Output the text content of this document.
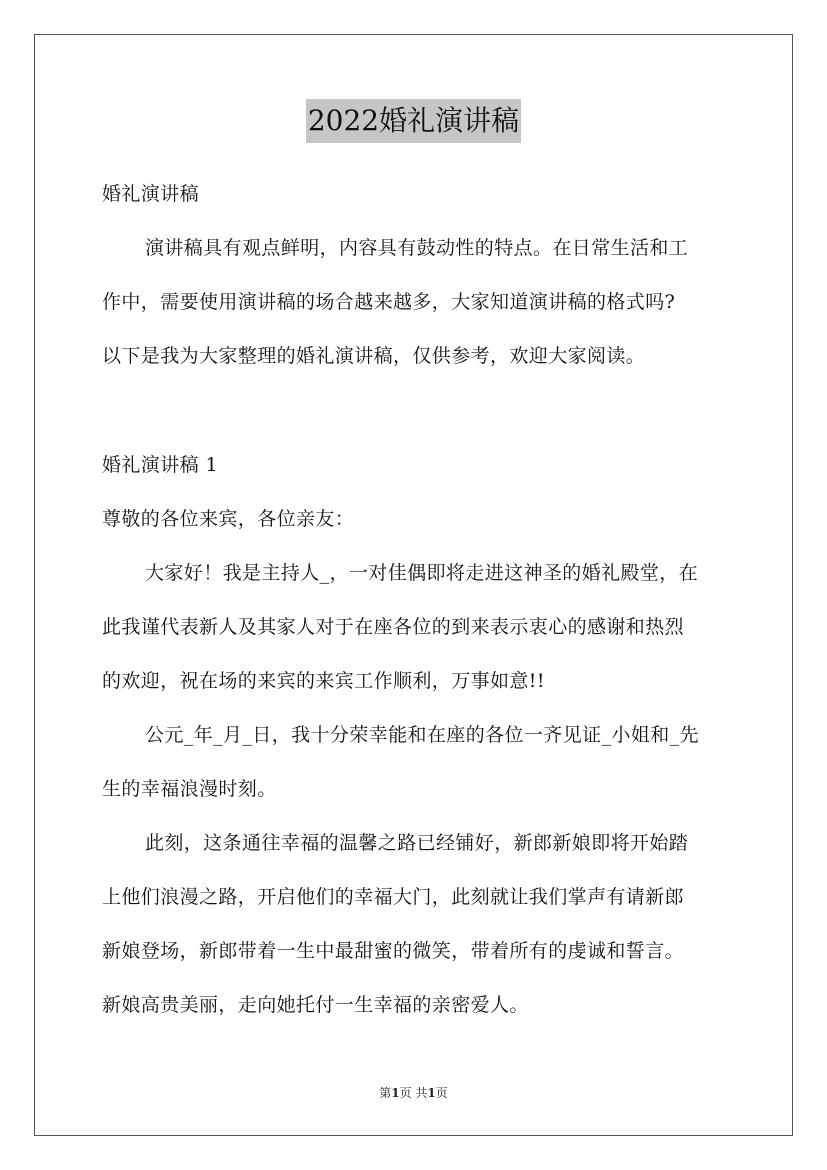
2022婚礼演讲稿
婚礼演讲稿
演讲稿具有观点鲜明，内容具有鼓动性的特点。在日常生活和工
作中，需要使用演讲稿的场合越来越多，大家知道演讲稿的格式吗?
以下是我为大家整理的婚礼演讲稿，仅供参考，欢迎大家阅读。
婚礼演讲稿 1
尊敬的各位来宾，各位亲友：
大家好！我是主持人_，一对佳偶即将走进这神圣的婚礼殿堂，在
此我谨代表新人及其家人对于在座各位的到来表示衷心的感谢和热烈
的欢迎，祝在场的来宾的来宾工作顺利，万事如意!!
公元_年_月_日，我十分荣幸能和在座的各位一齐见证_小姐和_先
生的幸福浪漫时刻。
此刻，这条通往幸福的温馨之路已经铺好，新郎新娘即将开始踏
上他们浪漫之路，开启他们的幸福大门，此刻就让我们掌声有请新郎
新娘登场，新郎带着一生中最甜蜜的微笑，带着所有的虔诚和誓言。
新娘高贵美丽，走向她托付一生幸福的亲密爱人。
第1页 共1页
